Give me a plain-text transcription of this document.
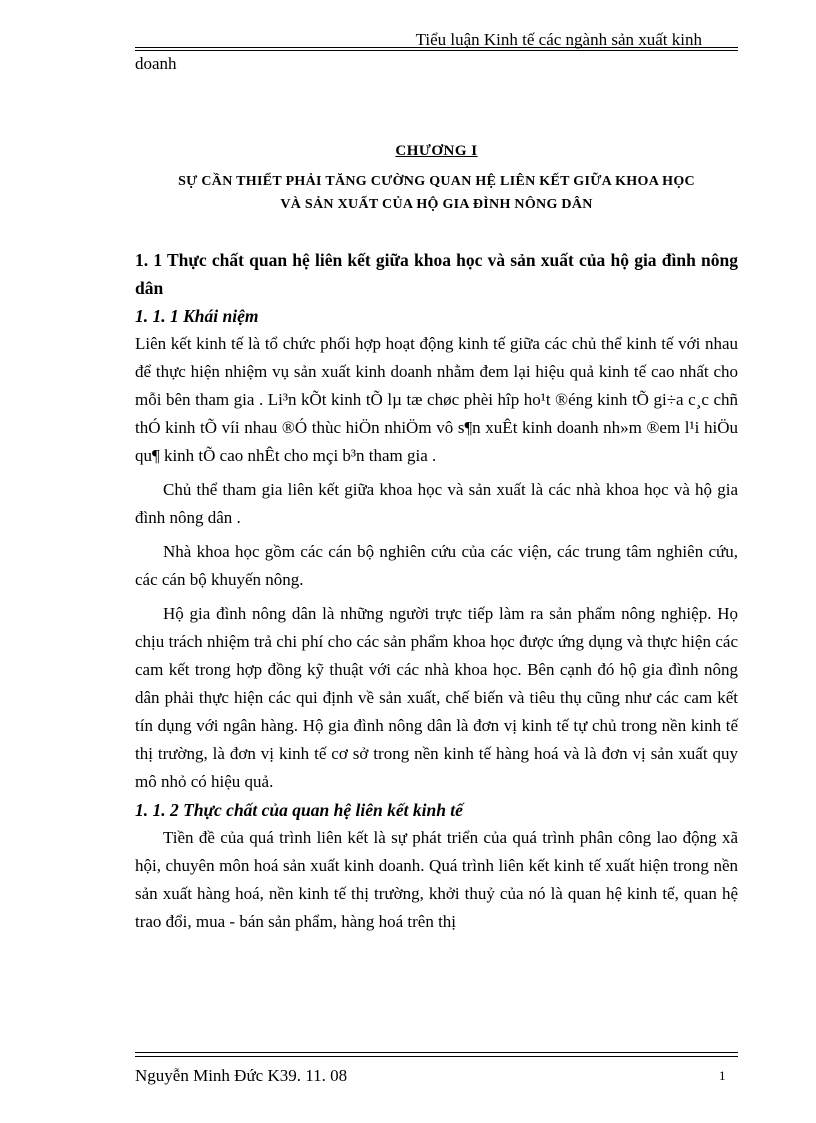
Tiểu luận Kinh tế các ngành sản xuất kinh
doanh
CHƯƠNG I
SỰ CẦN THIẾT PHẢI TĂNG CƯỜNG QUAN HỆ LIÊN KẾT GIỮA KHOA HỌC
VÀ SẢN XUẤT CỦA HỘ GIA ĐÌNH NÔNG DÂN

1. 1 Thực chất quan hệ liên kết giữa khoa học và sản xuất của hộ gia đình nông dân

1. 1. 1 Khái niệm

Liên kết kinh tế là tổ chức phối hợp hoạt động kinh tế giữa các chủ thể kinh tế với nhau để thực hiện nhiệm vụ sản xuất kinh doanh nhằm đem lại hiệu quả kinh tế cao nhất cho mỗi bên tham gia . Li³n kÕt kinh tÕ lµ tæ chøc phèi hîp ho¹t ®éng kinh tÕ gi÷a c¸c chñ thÓ kinh tÕ víi nhau ®Ó thùc hiÖn nhiÖm vô s¶n xuÊt kinh doanh nh»m ®em l¹i hiÖu qu¶ kinh tÕ cao nhÊt cho mçi b³n tham gia .

Chủ thể tham gia liên kết giữa khoa học và sản xuất là các nhà khoa học và hộ gia đình nông dân .

Nhà khoa học gồm các cán bộ nghiên cứu của các viện, các trung tâm nghiên cứu, các cán bộ khuyến nông.

Hộ gia đình nông dân là những người trực tiếp làm ra sản phẩm nông nghiệp. Họ chịu trách nhiệm trả chi phí cho các sản phẩm khoa học được ứng dụng và thực hiện các cam kết trong hợp đồng kỹ thuật với các nhà khoa học. Bên cạnh đó hộ gia đình nông dân phải thực hiện các qui định về sản xuất, chế biến và tiêu thụ cũng như các cam kết tín dụng với ngân hàng. Hộ gia đình nông dân là đơn vị kinh tế tự chủ trong nền kinh tế thị trường, là đơn vị kinh tế cơ sở trong nền kinh tế hàng hoá và là đơn vị sản xuất quy mô nhỏ có hiệu quả.

1. 1. 2 Thực chất của quan hệ liên kết kinh tế

Tiền đề của quá trình liên kết là sự phát triển của quá trình phân công lao động xã hội, chuyên môn hoá sản xuất kinh doanh. Quá trình liên kết kinh tế xuất hiện trong nền sản xuất hàng hoá, nền kinh tế thị trường, khởi thuỷ của nó là quan hệ kinh tế, quan hệ trao đổi, mua - bán sản phẩm, hàng hoá trên thị

Nguyễn Minh Đức K39. 11. 08	1
